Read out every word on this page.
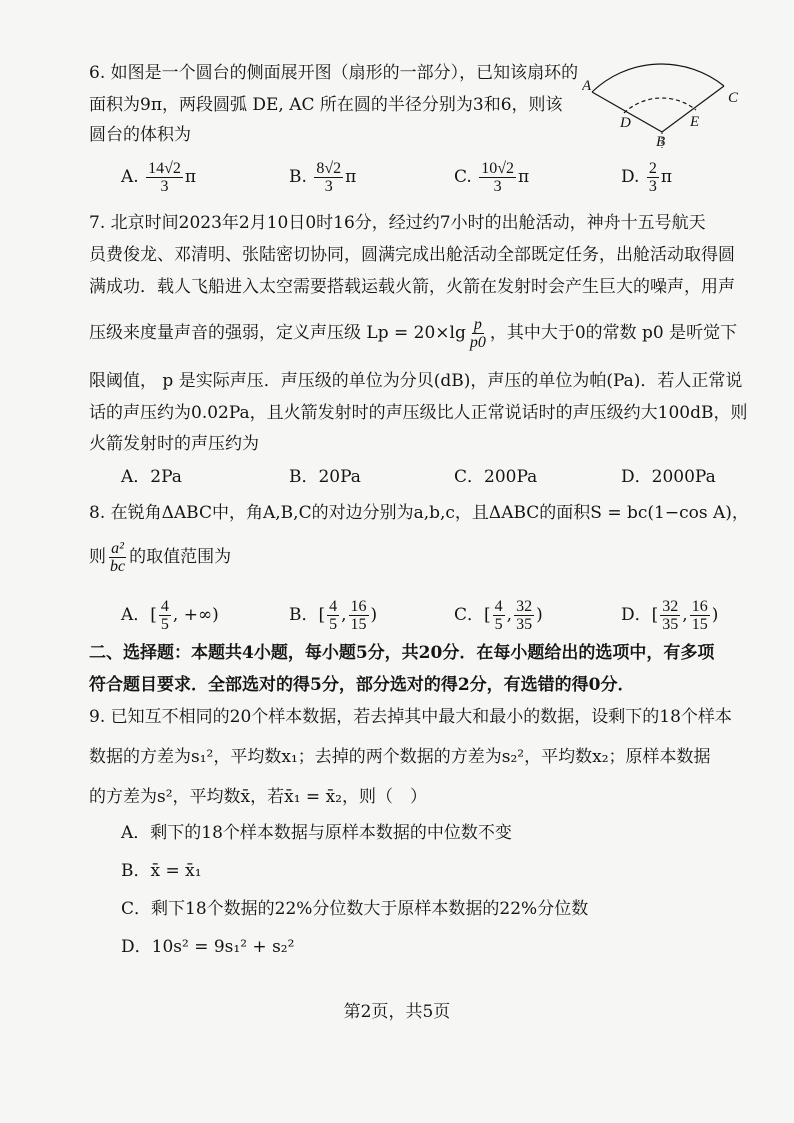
6. 如图是一个圆台的侧面展开图（扇形的一部分），已知该扇环的
面积为9π，两段圆弧 DE, AC 所在圆的半径分别为3和6，则该
圆台的体积为
A
C
D	E
B
A. $\frac{14√2}{3}$ π	B. $\frac{8√2}{3}$ π	C. $\frac{10√2}{3}$ π	D. $\frac{2}{3}$ π
7. 北京时间2023年2月10日0时16分，经过约7小时的出舱活动，神舟十五号航天
员费俊龙、邓清明、张陆密切协同，圆满完成出舱活动全部既定任务，出舱活动取得圆
满成功．载人飞船进入太空需要搭载运载火箭，火箭在发射时会产生巨大的噪声，用声
压级来度量声音的强弱，定义声压级 $Lp = 20\times\lg \frac{p}{p0}$ ，其中大于0的常数 p0 是听觉下
限阈值， p 是实际声压．声压级的单位为分贝(dB)，声压的单位为帕(Pa)．若人正常说
话的声压约为0.02Pa，且火箭发射时的声压级比人正常说话时的声压级约大100dB，则
火箭发射时的声压约为
A．2Pa	B．20Pa	C．200Pa	D．2000Pa
8. 在锐角ΔABC中，角A,B,C的对边分别为a,b,c，且ΔABC的面积S = bc(1−cos A)，
则 $\frac{\text{a²}}{bc}$ 的取值范围为
A．[ $\frac{4}{5}$ , +∞)	B．[ $\frac{4}{5}$ , $\frac{16}{15}$ )	C．[ $\frac{4}{5}$ , $\frac{32}{35}$ )	D．[ $\frac{32}{35}$ , $\frac{16}{15}$ )
二、选择题：本题共4小题，每小题5分，共20分．在每小题给出的选项中，有多项
符合题目要求．全部选对的得5分，部分选对的得2分，有选错的得0分．
9. 已知互不相同的20个样本数据，若去掉其中最大和最小的数据，设剩下的18个样本
数据的方差为s₁²，平均数x₁；去掉的两个数据的方差为s₂²，平均数x₂；原样本数据
的方差为s²，平均数x̄，若x̄₁ = x̄₂，则（　）
A．剩下的18个样本数据与原样本数据的中位数不变
B．x̄ = x̄₁
C．剩下18个数据的22%分位数大于原样本数据的22%分位数
D．10s² = 9s₁² + s₂²
第2页，共5页
